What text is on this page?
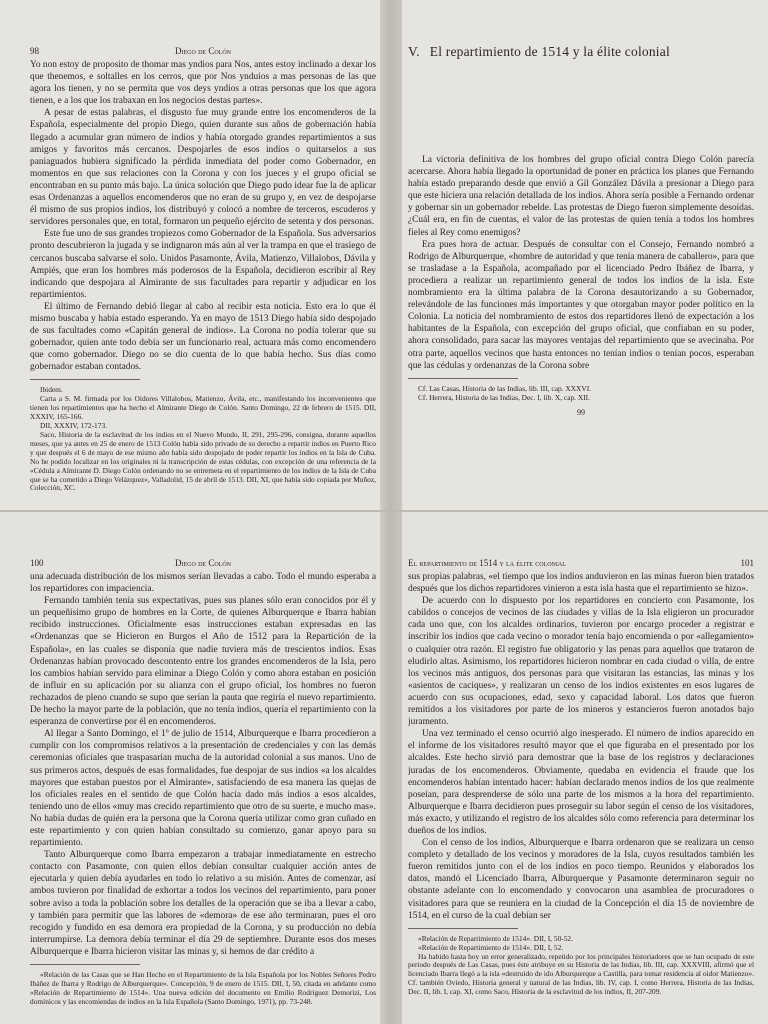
98	Diego de Colón

Yo non estoy de proposito de thomar mas yndios para Nos, antes estoy inclinado a dexar los que thenemos, e soltalles en los cerros, que por Nos ynduios a mas personas de las que agora los tienen, y no se permita que vos deys yndios a otras personas que los que agora tienen, e a los que los trabaxan en los negocios destas partes».

A pesar de estas palabras, el disgusto fue muy grande entre los encomenderos de la Española, especialmente del propio Diego, quien durante sus años de gobernación había llegado a acumular gran número de indios y había otorgado grandes repartimientos a sus amigos y favoritos más cercanos. Despojarles de esos indios o quitarselos a sus paniaguados hubiera significado la pérdida inmediata del poder como Gobernador, en momentos en que sus relaciones con la Corona y con los jueces y el grupo oficial se encontraban en su punto más bajo. La única solución que Diego pudo idear fue la de aplicar esas Ordenanzas a aquellos encomenderos que no eran de su grupo y, en vez de despojarse él mismo de sus propios indios, los distribuyó y colocó a nombre de terceros, escuderos y servidores personales que, en total, formaron un pequeño ejército de setenta y dos personas.

Este fue uno de sus grandes tropiezos como Gobernador de la Española. Sus adversarios pronto descubrieron la jugada y se indignaron más aún al ver la trampa en que el trasiego de cercanos buscaba salvarse el solo. Unidos Pasamonte, Ávila, Matienzo, Villalobos, Dávila y Ampiés, que eran los hombres más poderosos de la Española, decidieron escribir al Rey indicando que despojara al Almirante de sus facultades para repartir y adjudicar en los repartimientos.

El último de Fernando debió llegar al cabo al recibir esta noticia. Esto era lo que él mismo buscaba y había estado esperando. Ya en mayo de 1513 Diego había sido despojado de sus facultades como «Capitán general de indios». La Corona no podía tolerar que su gobernador, quien ante todo debía ser un funcionario real, actuara más como encomendero que como gobernador. Diego no se dio cuenta de lo que había hecho. Sus días como gobernador estaban contados.

Ibidem.

Carta a S. M. firmada por los Oidores Villalobos, Matienzo, Ávila, etc., manifestando los inconvenientes que tienen los repartimientos que ha hecho el Almirante Diego de Colón. Santo Domingo, 22 de febrero de 1515. DII, XXXIV, 165-166.

DII, XXXIV, 172-173.

Saco, Historia de la esclavitud de los indios en el Nuevo Mundo, II, 291, 295-296, consigna, durante aquellos meses, que ya antes en 25 de enero de 1513 Colón había sido privado de su derecho a repartir indios en Puerto Rico y que después el 6 de mayo de ese mismo año había sido despojado de poder repartir los indios en la Isla de Cuba. No he podido localizar en los originales ni la transcripción de estas cédulas, con excepción de una referencia de la «Cédula a Almirante D. Diego Colón ordenando no se entremeta en el repartimiento de los indios de la Isla de Cuba que se ha cometido a Diego Velázquez», Valladolid, 15 de abril de 1513. DII, XI, que había sido copiada por Muñoz, Colección, XC.

V. El repartimiento de 1514 y la élite colonial

La victoria definitiva de los hombres del grupo oficial contra Diego Colón parecía acercarse. Ahora había llegado la oportunidad de poner en práctica los planes que Fernando había estado preparando desde que envió a Gil González Dávila a presionar a Diego para que este hiciera una relación detallada de los indios. Ahora sería posible a Fernando ordenar y gobernar sin un gobernador rebelde. Las protestas de Diego fueron simplemente desoídas. ¿Cuál era, en fin de cuentas, el valor de las protestas de quien tenía a todos los hombres fieles al Rey como enemigos?

Era pues hora de actuar. Después de consultar con el Consejo, Fernando nombró a Rodrigo de Alburquerque, «hombre de autoridad y que tenía manera de caballero», para que se trasladase a la Española, acompañado por el licenciado Pedro Ibáñez de Ibarra, y procediera a realizar un repartimiento general de todos los indios de la isla. Este nombramiento era la última palabra de la Corona desautorizando a su Gobernador, relevándole de las funciones más importantes y que otorgaban mayor poder político en la Colonia. La noticia del nombramiento de estos dos repartidores llenó de expectación a los habitantes de la Española, con excepción del grupo oficial, que confiaban en su poder, ahora consolidado, para sacar las mayores ventajas del repartimiento que se avecinaba. Por otra parte, aquellos vecinos que hasta entonces no tenían indios o tenían pocos, esperaban que las cédulas y ordenanzas de la Corona sobre

Cf. Las Casas, Historia de las Indias, lib. III, cap. XXXVI.

Cf. Herrera, Historia de las Indias, Dec. I, lib. X, cap. XII.

99
100	Diego de Colón

una adecuada distribución de los mismos serían llevadas a cabo. Todo el mundo esperaba a los repartidores con impaciencia.

Fernando también tenía sus expectativas, pues sus planes sólo eran conocidos por él y un pequeñísimo grupo de hombres en la Corte, de quienes Alburquerque e Ibarra habían recibido instrucciones. Oficialmente esas instrucciones estaban expresadas en las «Ordenanzas que se Hicieron en Burgos el Año de 1512 para la Repartición de la Española», en las cuales se disponía que nadie tuviera más de trescientos indios. Esas Ordenanzas habían provocado descontento entre los grandes encomenderos de la Isla, pero los cambios habían servido para eliminar a Diego Colón y como ahora estaban en posición de influir en su aplicación por su alianza con el grupo oficial, los hombres no fueron rechazados de pleno cuando se supo que serían la pauta que regiría el nuevo repartimiento. De hecho la mayor parte de la población, que no tenía indios, quería el repartimiento con la esperanza de convertirse por él en encomenderos.

Al llegar a Santo Domingo, el 1º de julio de 1514, Alburquerque e Ibarra procedieron a cumplir con los compromisos relativos a la presentación de credenciales y con las demás ceremonias oficiales que traspasarían mucha de la autoridad colonial a sus manos. Uno de sus primeros actos, después de esas formalidades, fue despojar de sus indios «a los alcaldes mayores que estaban puestos por el Almirante», satisfaciendo de esa manera las quejas de los oficiales reales en el sentido de que Colón hacía dado más indios a esos alcaldes, teniendo uno de ellos «muy mas crecido repartimiento que otro de su suerte, e mucho mas». No había dudas de quién era la persona que la Corona quería utilizar como gran cuñado en este repartimiento y con quien habían consultado su comienzo, ganar apoyo para su repartimiento.

Tanto Alburquerque como Ibarra empezaron a trabajar inmediatamente en estrecho contacto con Pasamonte, con quien ellos debían consultar cualquier acción antes de ejecutarla y quien debía ayudarles en todo lo relativo a su misión. Antes de comenzar, así ambos tuvieron por finalidad de exhortar a todos los vecinos del repartimiento, para poner sobre aviso a toda la población sobre los detalles de la operación que se iba a llevar a cabo, y también para permitir que las labores de «demora» de ese año terminaran, pues el oro recogido y fundido en esa demora era propiedad de la Corona, y su producción no debía interrumpirse. La demora debía terminar el día 29 de septiembre. Durante esos dos meses Alburquerque e Ibarra hicieron visitar las minas y, si hemos de dar crédito a

«Relación de las Casas que se Han Hecho en el Repartimiento de la Isla Española por los Nobles Señores Pedro Ibáñez de Ibarra y Rodrigo de Alburquerque». Concepción, 9 de enero de 1515. DII, I, 50, citada en adelante como «Relación de Repartimiento de 1514». Una nueva edición del documento en Emilio Rodríguez Demorizi, Los dominicos y las encomiendas de indios en la Isla Española (Santo Domingo, 1971), pp. 73-248.

El repartimiento de 1514 y la élite colonial	101

sus propias palabras, «el tiempo que los indios anduvieron en las minas fueron bien tratados después que los dichos repartidores vinieron a esta isla hasta que el repartimiento se hizo».

De acuerdo con lo dispuesto por los repartidores en concierto con Pasamonte, los cabildos o concejos de vecinos de las ciudades y villas de la Isla eligieron un procurador cada uno que, con los alcaldes ordinarios, tuvieron por encargo proceder a registrar e inscribir los indios que cada vecino o morador tenía bajo encomienda o por «allegamiento» o cualquier otra razón. El registro fue obligatorio y las penas para aquellos que trataron de eludirlo altas. Asimismo, los repartidores hicieron nombrar en cada ciudad o villa, de entre los vecinos más antiguos, dos personas para que visitaran las estancias, las minas y los «asientos de caciques», y realizaran un censo de los indios existentes en esos lugares de acuerdo con sus ocupaciones, edad, sexo y capacidad laboral. Los datos que fueron remitidos a los visitadores por parte de los mineros y estancieros fueron anotados bajo juramento.

Una vez terminado el censo ocurrió algo inesperado. El número de indios aparecido en el informe de los visitadores resultó mayor que el que figuraba en el presentado por los alcaldes. Este hecho sirvió para demostrar que la base de los registros y declaraciones juradas de los encomenderos. Obviamente, quedaba en evidencia el fraude que los encomenderos habían intentado hacer: habían declarado menos indios de los que realmente poseían, para desprenderse de sólo una parte de los mismos a la hora del repartimiento. Alburquerque e Ibarra decidieron pues proseguir su labor según el censo de los visitadores, más exacto, y utilizando el registro de los alcaldes sólo como referencia para determinar los dueños de los indios.

Con el censo de los indios, Alburquerque e Ibarra ordenaron que se realizara un censo completo y detallado de los vecinos y moradores de la Isla, cuyos resultados también les fueron remitidos junto con el de los indios en poco tiempo. Reunidos y elaborados los datos, mandó el Licenciado Ibarra, Alburquerque y Pasamonte determinaron seguir no obstante adelante con lo encomendado y convocaron una asamblea de procuradores o visitadores para que se reuniera en la ciudad de la Concepción el día 15 de noviembre de 1514, en el curso de la cual debían ser

«Relación de Repartimiento de 1514». DII, I, 50-52.

«Relación de Repartimiento de 1514». DII, I, 52.

Ha habido hasta hoy un error generalizado, repetido por los principales historiadores que se han ocupado de este periodo después de Las Casas, pues éste atribuye en su Historia de las Indias, lib. III, cap. XXXVIII, afirmó que el licenciado Ibarra llegó a la isla «destruido de ido Alburquerque a Castilla, para tomar residencia al oidor Matienzo». Cf. también Oviedo, Historia general y natural de las Indias, lib. IV, cap. I, como Herrera, Historia de las Indias, Dec. II, lib. I, cap. XI, como Saco, Historia de la esclavitud de los indios, II, 207-209.
